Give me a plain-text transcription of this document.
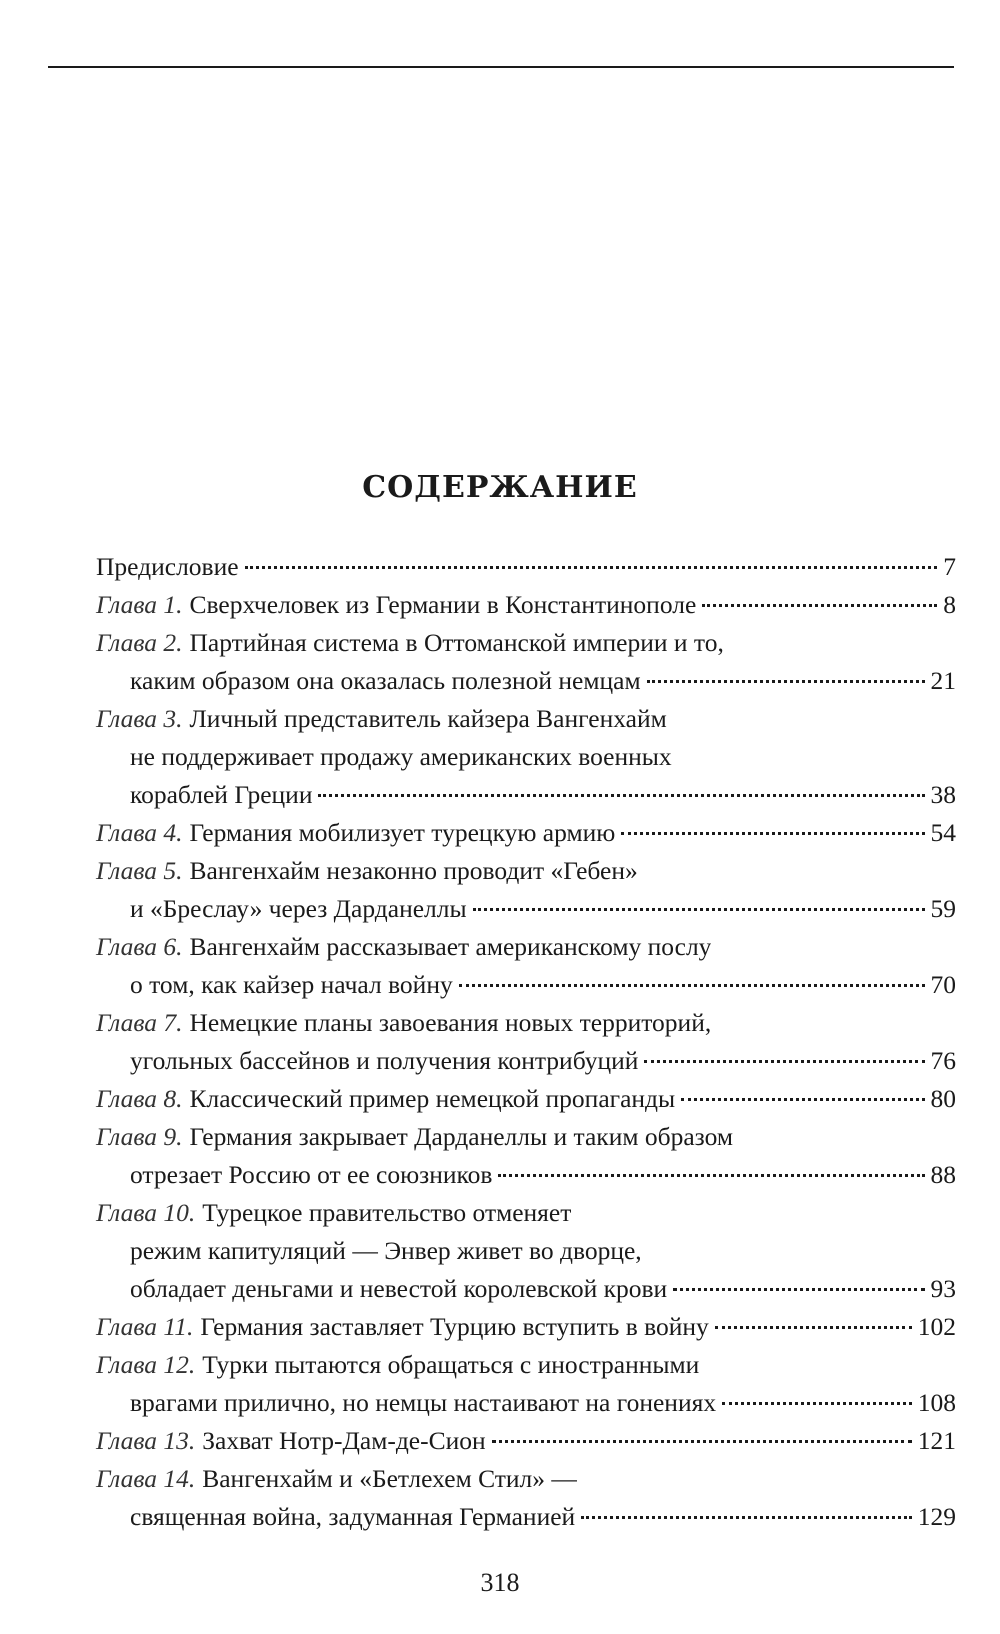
СОДЕРЖАНИЕ
Предисловие	7
Глава 1. Сверхчеловек из Германии в Константинополе	8
Глава 2. Партийная система в Оттоманской империи и то,
каким образом она оказалась полезной немцам	21
Глава 3. Личный представитель кайзера Вангенхайм
не поддерживает продажу американских военных
кораблей Греции	38
Глава 4. Германия мобилизует турецкую армию	54
Глава 5. Вангенхайм незаконно проводит «Гебен»
и «Бреслау» через Дарданеллы	59
Глава 6. Вангенхайм рассказывает американскому послу
о том, как кайзер начал войну	70
Глава 7. Немецкие планы завоевания новых территорий,
угольных бассейнов и получения контрибуций	76
Глава 8. Классический пример немецкой пропаганды	80
Глава 9. Германия закрывает Дарданеллы и таким образом
отрезает Россию от ее союзников	88
Глава 10. Турецкое правительство отменяет
режим капитуляций — Энвер живет во дворце,
обладает деньгами и невестой королевской крови	93
Глава 11. Германия заставляет Турцию вступить в войну	102
Глава 12. Турки пытаются обращаться с иностранными
врагами прилично, но немцы настаивают на гонениях	108
Глава 13. Захват Нотр-Дам-де-Сион	121
Глава 14. Вангенхайм и «Бетлехем Стил» —
священная война, задуманная Германией	129
318
